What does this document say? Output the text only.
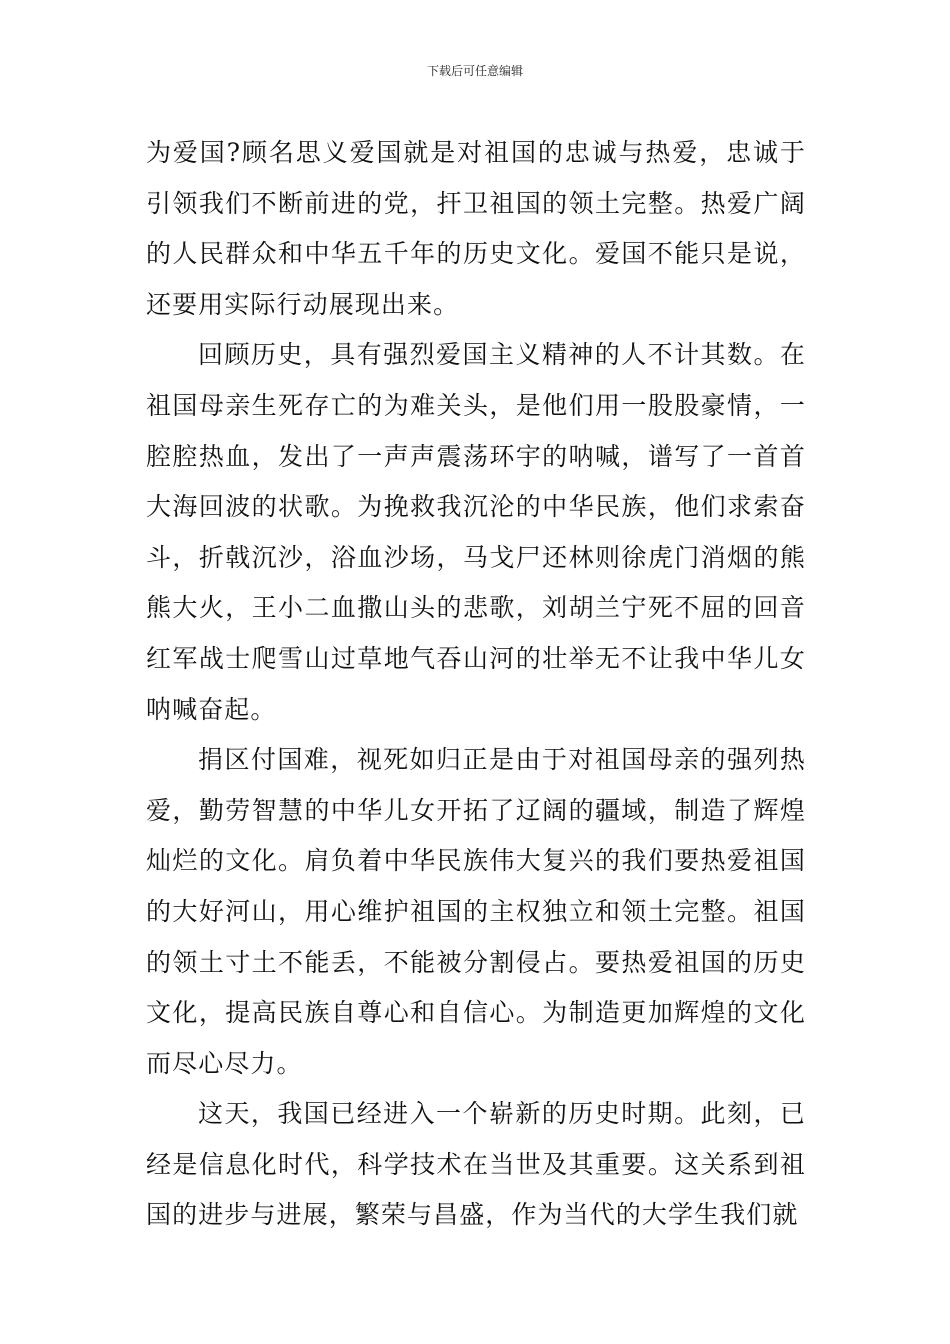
下载后可任意编辑

为爱国?顾名思义爱国就是对祖国的忠诚与热爱，忠诚于引领我们不断前进的党，扞卫祖国的领土完整。热爱广阔的人民群众和中华五千年的历史文化。爱国不能只是说，还要用实际行动展现出来。

回顾历史，具有强烈爱国主义精神的人不计其数。在祖国母亲生死存亡的为难关头，是他们用一股股豪情，一腔腔热血，发出了一声声震荡环宇的呐喊，谱写了一首首大海回波的状歌。为挽救我沉沦的中华民族，他们求索奋斗，折戟沉沙，浴血沙场，马戈尸还林则徐虎门消烟的熊熊大火，王小二血撒山头的悲歌，刘胡兰宁死不屈的回音红军战士爬雪山过草地气吞山河的壮举无不让我中华儿女呐喊奋起。

捐区付国难，视死如归正是由于对祖国母亲的强列热爱，勤劳智慧的中华儿女开拓了辽阔的疆域，制造了辉煌灿烂的文化。肩负着中华民族伟大复兴的我们要热爱祖国的大好河山，用心维护祖国的主权独立和领土完整。祖国的领土寸土不能丢，不能被分割侵占。要热爱祖国的历史文化，提高民族自尊心和自信心。为制造更加辉煌的文化而尽心尽力。

这天，我国已经进入一个崭新的历史时期。此刻，已经是信息化时代，科学技术在当世及其重要。这关系到祖国的进步与进展，繁荣与昌盛，作为当代的大学生我们就
